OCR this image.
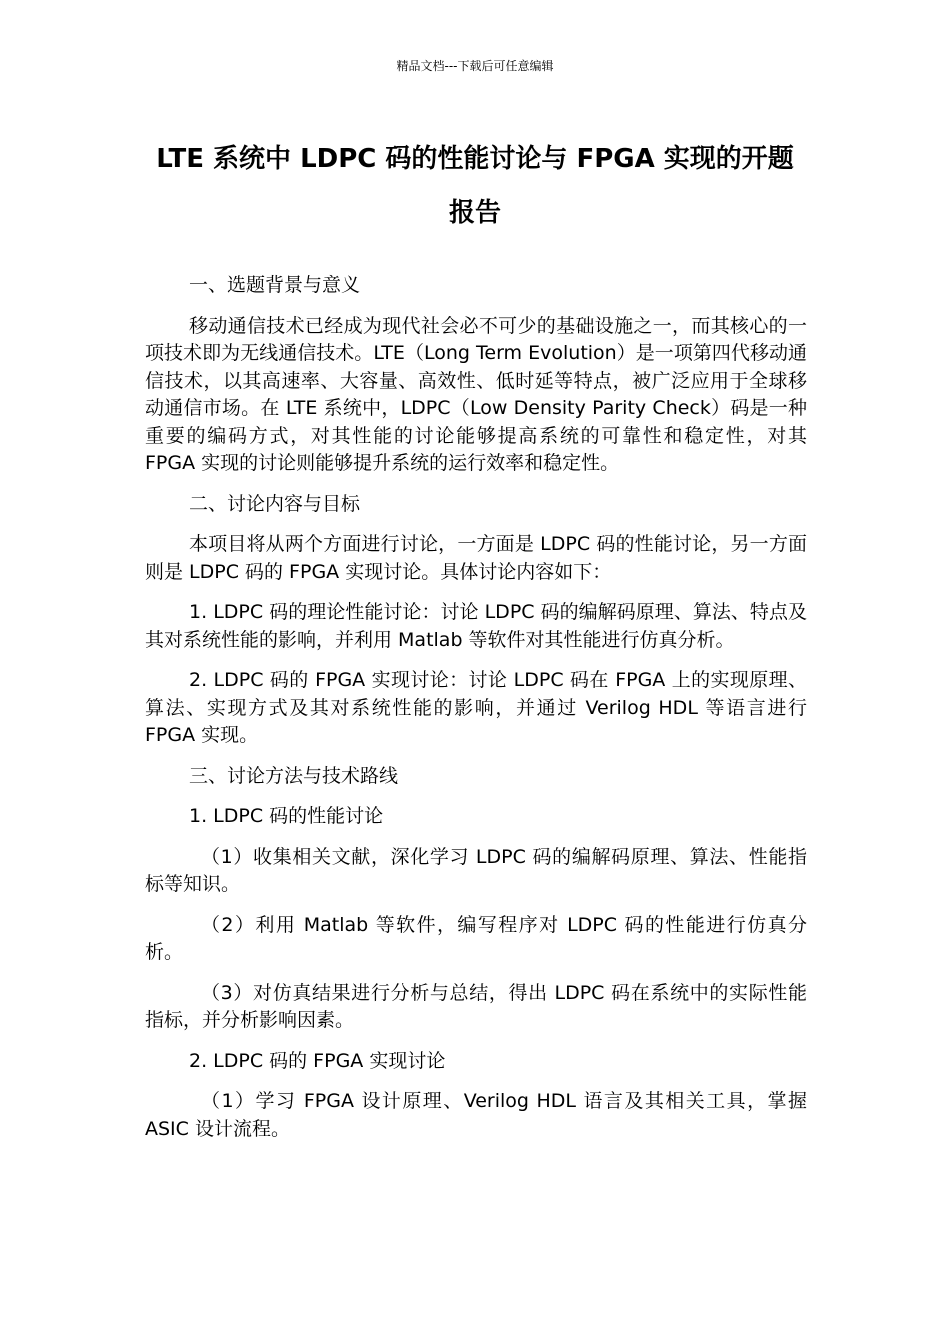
精品文档---下载后可任意编辑
LTE 系统中 LDPC 码的性能讨论与 FPGA 实现的开题报告

一、选题背景与意义

移动通信技术已经成为现代社会必不可少的基础设施之一，而其核心的一项技术即为无线通信技术。LTE（Long Term Evolution）是一项第四代移动通信技术，以其高速率、大容量、高效性、低时延等特点，被广泛应用于全球移动通信市场。在 LTE 系统中，LDPC（Low Density Parity Check）码是一种重要的编码方式，对其性能的讨论能够提高系统的可靠性和稳定性，对其 FPGA 实现的讨论则能够提升系统的运行效率和稳定性。

二、讨论内容与目标

本项目将从两个方面进行讨论，一方面是 LDPC 码的性能讨论，另一方面则是 LDPC 码的 FPGA 实现讨论。具体讨论内容如下：

1. LDPC 码的理论性能讨论：讨论 LDPC 码的编解码原理、算法、特点及其对系统性能的影响，并利用 Matlab 等软件对其性能进行仿真分析。

2. LDPC 码的 FPGA 实现讨论：讨论 LDPC 码在 FPGA 上的实现原理、算法、实现方式及其对系统性能的影响，并通过 Verilog HDL 等语言进行 FPGA 实现。

三、讨论方法与技术路线

1. LDPC 码的性能讨论

（1）收集相关文献，深化学习 LDPC 码的编解码原理、算法、性能指标等知识。

（2）利用 Matlab 等软件，编写程序对 LDPC 码的性能进行仿真分析。

（3）对仿真结果进行分析与总结，得出 LDPC 码在系统中的实际性能指标，并分析影响因素。

2. LDPC 码的 FPGA 实现讨论

（1）学习 FPGA 设计原理、Verilog HDL 语言及其相关工具，掌握 ASIC 设计流程。
